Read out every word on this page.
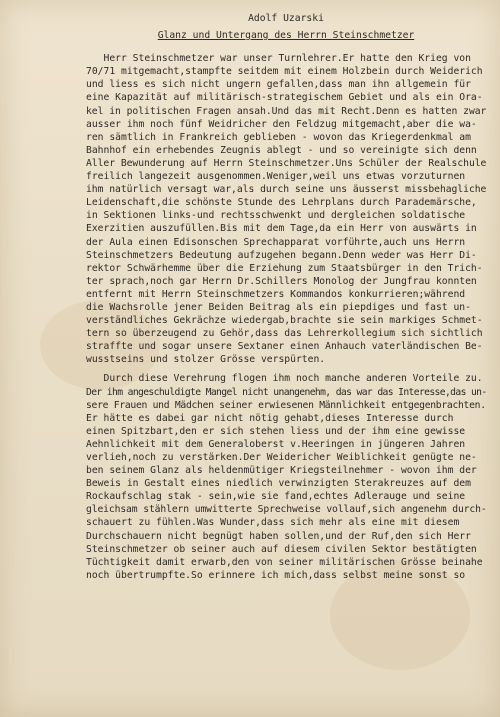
Adolf Uzarski
Glanz und Untergang des Herrn Steinschmetzer
Herr Steinschmetzer war unser Turnlehrer.Er hatte den Krieg von
70/71 mitgemacht,stampfte seitdem mit einem Holzbein durch Weiderich
und liess es sich nicht ungern gefallen,dass man ihn allgemein für
eine Kapazität auf militärisch-strategischem Gebiet und als ein Ora-
kel in politischen Fragen ansah.Und das mit Recht.Denn es hatten zwar
ausser ihm noch fünf Weidricher den Feldzug mitgemacht,aber die wa-
ren sämtlich in Frankreich geblieben - wovon das Kriegerdenkmal am
Bahnhof ein erhebendes Zeugnis ablegt - und so vereinigte sich denn
Aller Bewunderung auf Herrn Steinschmetzer.Uns Schüler der Realschule
freilich langezeit ausgenommen.Weniger,weil uns etwas vorzuturnen
ihm natürlich versagt war,als durch seine uns äusserst missbehagliche
Leidenschaft,die schönste Stunde des Lehrplans durch Parademärsche,
in Sektionen links-und rechtsschwenkt und dergleichen soldatische
Exerzitien auszufüllen.Bis mit dem Tage,da ein Herr von auswärts in
der Aula einen Edisonschen Sprechapparat vorführte,auch uns Herrn
Steinschmetzers Bedeutung aufzugehen begann.Denn weder was Herr Di-
rektor Schwärhemme über die Erziehung zum Staatsbürger in den Trich-
ter sprach,noch gar Herrn Dr.Schillers Monolog der Jungfrau konnten
entfernt mit Herrn Steinschmetzers Kommandos konkurrieren;während
die Wachsrolle jener Beiden Beitrag als ein piepdiges und fast un-
verständliches Gekrächze wiedergab,brachte sie sein markiges Schmet-
tern so überzeugend zu Gehör,dass das Lehrerkollegium sich sichtlich
straffte und sogar unsere Sextaner einen Anhauch vaterländischen Be-
wusstseins und stolzer Grösse verspürten.
Durch diese Verehrung flogen ihm noch manche anderen Vorteile zu.
Der ihm angeschuldigte Mangel nicht unangenehm, das war das Interesse,das un-
sere Frauen und Mädchen seiner erwiesenen Männlichkeit entgegenbrachten.
Er hätte es dabei gar nicht nötig gehabt,dieses Interesse durch
einen Spitzbart,den er sich stehen liess und der ihm eine gewisse
Aehnlichkeit mit dem Generaloberst v.Heeringen in jüngeren Jahren
verlieh,noch zu verstärken.Der Weidericher Weiblichkeit genügte ne-
ben seinem Glanz als heldenmütiger Kriegsteilnehmer - wovon ihm der
Beweis in Gestalt eines niedlich verwinzigten Sterakreuzes auf dem
Rockaufschlag stak - sein,wie sie fand,echtes Adlerauge und seine
gleichsam stählern umwitterte Sprechweise vollauf,sich angenehm durch-
schauert zu fühlen.Was Wunder,dass sich mehr als eine mit diesem
Durchschauern nicht begnügt haben sollen,und der Ruf,den sich Herr
Steinschmetzer ob seiner auch auf diesem civilen Sektor bestätigten
Tüchtigkeit damit erwarb,den von seiner militärischen Grösse beinahe
noch übertrumpfte.So erinnere ich mich,dass selbst meine sonst so
